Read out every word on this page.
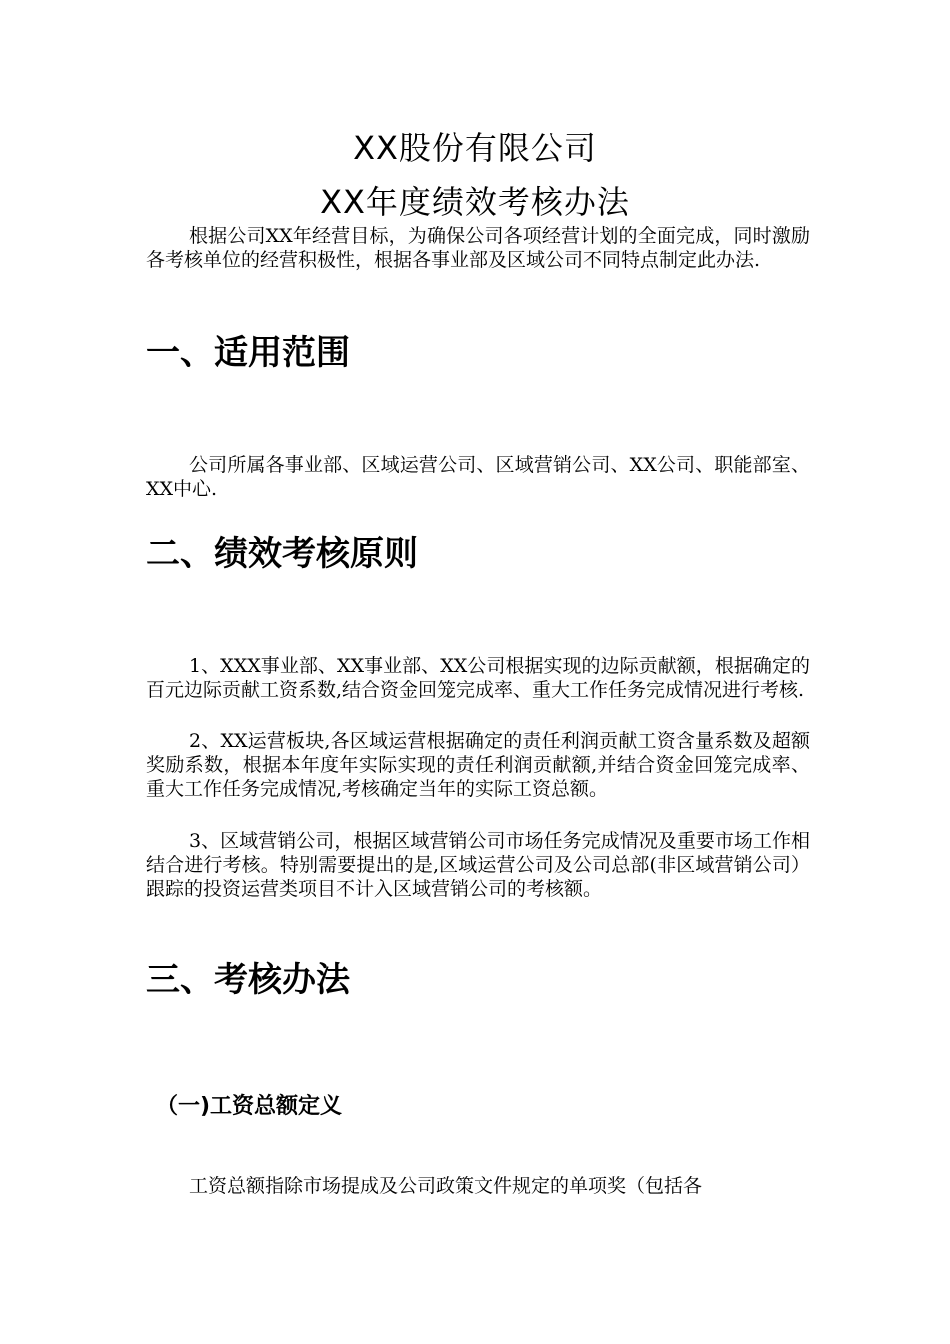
XX股份有限公司
XX年度绩效考核办法

根据公司XX年经营目标，为确保公司各项经营计划的全面完成，同时激励各考核单位的经营积极性，根据各事业部及区域公司不同特点制定此办法.

一、适用范围

公司所属各事业部、区域运营公司、区域营销公司、XX公司、职能部室、XX中心.

二、绩效考核原则

1、XXX事业部、XX事业部、XX公司根据实现的边际贡献额，根据确定的百元边际贡献工资系数,结合资金回笼完成率、重大工作任务完成情况进行考核.

2、XX运营板块,各区域运营根据确定的责任利润贡献工资含量系数及超额奖励系数，根据本年度年实际实现的责任利润贡献额,并结合资金回笼完成率、重大工作任务完成情况,考核确定当年的实际工资总额。

3、区域营销公司，根据区域营销公司市场任务完成情况及重要市场工作相结合进行考核。特别需要提出的是,区域运营公司及公司总部(非区域营销公司）跟踪的投资运营类项目不计入区域营销公司的考核额。

三、考核办法
（一)工资总额定义

工资总额指除市场提成及公司政策文件规定的单项奖（包括各
